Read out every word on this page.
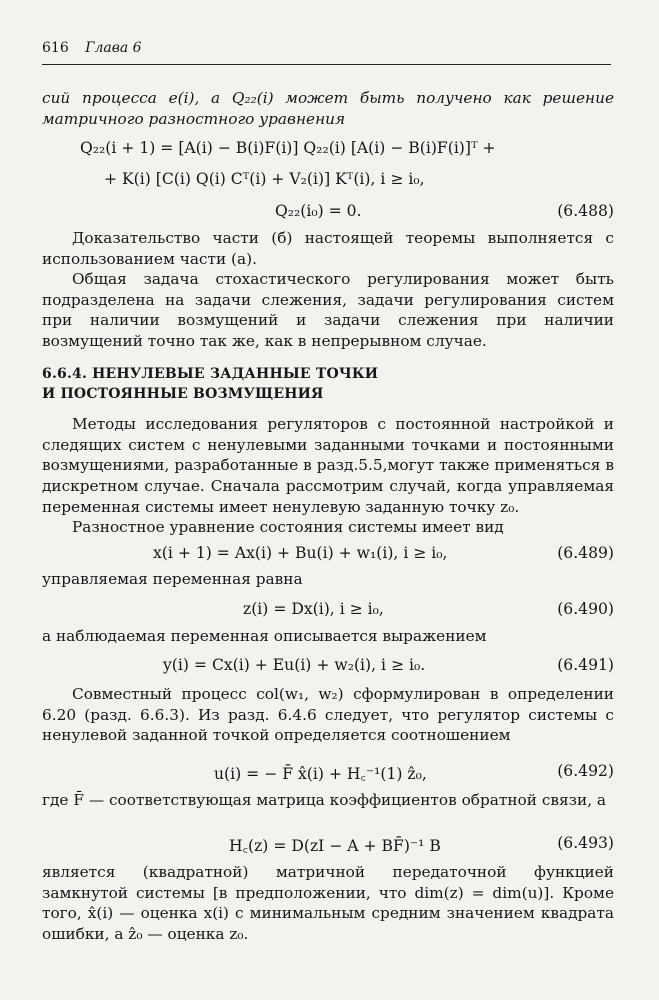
616 Глава 6

сий процесса e(i), а Q₂₂(i) может быть получено как решение матричного разностного уравнения

Q₂₂(i + 1) = [A(i) − B(i)F(i)] Q₂₂(i) [A(i) − B(i)F(i)]ᵀ +
+ K(i) [C(i) Q(i) Cᵀ(i) + V₂(i)] Kᵀ(i), i ≥ i₀,
Q₂₂(i₀) = 0.	(6.488)

Доказательство части (б) настоящей теоремы выполняется с использованием части (а).

Общая задача стохастического регулирования может быть подразделена на задачи слежения, задачи регулирования систем при наличии возмущений и задачи слежения при наличии возмущений точно так же, как в непрерывном случае.

6.6.4. НЕНУЛЕВЫЕ ЗАДАННЫЕ ТОЧКИ
И ПОСТОЯННЫЕ ВОЗМУЩЕНИЯ

Методы исследования регуляторов с постоянной настройкой и следящих систем с ненулевыми заданными точками и постоянными возмущениями, разработанные в разд.5.5,могут также применяться в дискретном случае. Сначала рассмотрим случай, когда управляемая переменная системы имеет ненулевую заданную точку z₀.

Разностное уравнение состояния системы имеет вид

x(i + 1) = Ax(i) + Bu(i) + w₁(i), i ≥ i₀,	(6.489)

управляемая переменная равна

z(i) = Dx(i), i ≥ i₀,	(6.490)

а наблюдаемая переменная описывается выражением

y(i) = Cx(i) + Eu(i) + w₂(i), i ≥ i₀.	(6.491)

Совместный процесс col(w₁, w₂) сформулирован в определении 6.20 (разд. 6.6.3). Из разд. 6.4.6 следует, что регулятор системы с ненулевой заданной точкой определяется соотношением

u(i) = − F̄ x̂(i) + H꜀⁻¹(1) ẑ₀,	(6.492)

где F̄ — соответствующая матрица коэффициентов обратной связи, а

H꜀(z) = D(zI − A + BF̄)⁻¹ B	(6.493)

является (квадратной) матричной передаточной функцией замкнутой системы [в предположении, что dim(z) = dim(u)]. Кроме того, x̂(i) — оценка x(i) с минимальным средним значением квадрата ошибки, а ẑ₀ — оценка z₀.
